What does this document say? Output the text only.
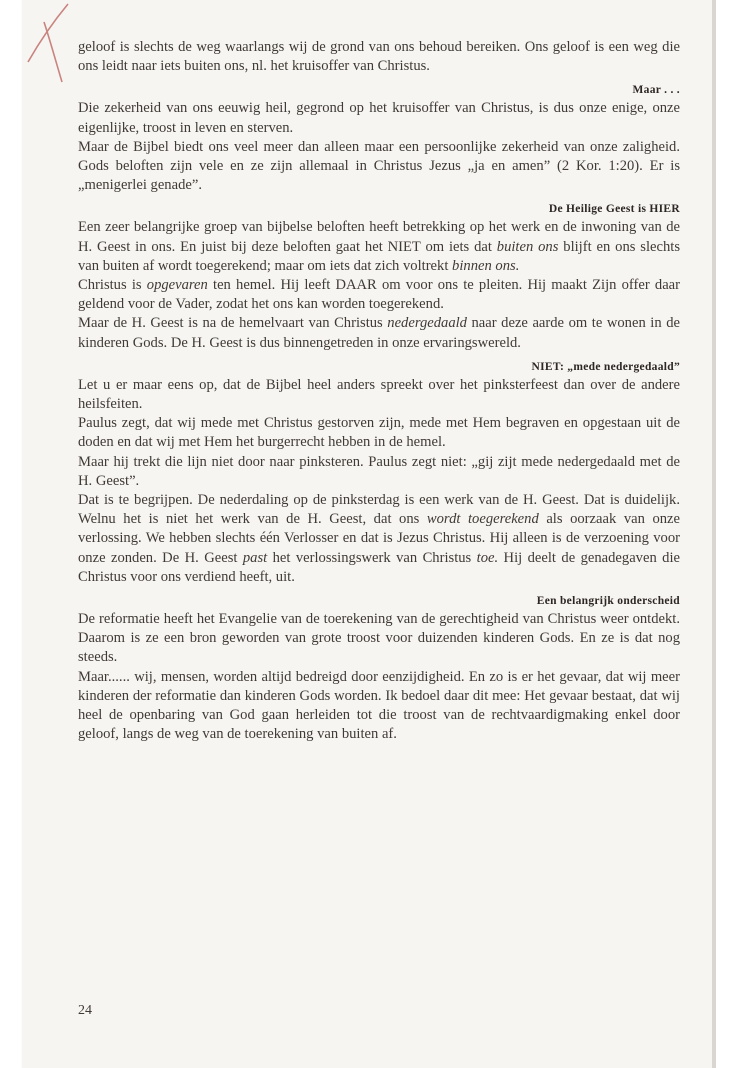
geloof is slechts de weg waarlangs wij de grond van ons behoud bereiken. Ons geloof is een weg die ons leidt naar iets buiten ons, nl. het kruisoffer van Christus.

Maar . . .

Die zekerheid van ons eeuwig heil, gegrond op het kruisoffer van Christus, is dus onze enige, onze eigenlijke, troost in leven en sterven.

Maar de Bijbel biedt ons veel meer dan alleen maar een persoonlijke zekerheid van onze zaligheid. Gods beloften zijn vele en ze zijn allemaal in Christus Jezus „ja en amen” (2 Kor. 1:20). Er is „menigerlei genade”.

De Heilige Geest is HIER

Een zeer belangrijke groep van bijbelse beloften heeft betrekking op het werk en de inwoning van de H. Geest in ons. En juist bij deze beloften gaat het NIET om iets dat buiten ons blijft en ons slechts van buiten af wordt toegerekend; maar om iets dat zich voltrekt binnen ons.

Christus is opgevaren ten hemel. Hij leeft DAAR om voor ons te pleiten. Hij maakt Zijn offer daar geldend voor de Vader, zodat het ons kan worden toegerekend.

Maar de H. Geest is na de hemelvaart van Christus nedergedaald naar deze aarde om te wonen in de kinderen Gods. De H. Geest is dus binnengetreden in onze ervaringswereld.

NIET: „mede nedergedaald”

Let u er maar eens op, dat de Bijbel heel anders spreekt over het pinksterfeest dan over de andere heilsfeiten.

Paulus zegt, dat wij mede met Christus gestorven zijn, mede met Hem begraven en opgestaan uit de doden en dat wij met Hem het burgerrecht hebben in de hemel.

Maar hij trekt die lijn niet door naar pinksteren. Paulus zegt niet: „gij zijt mede nedergedaald met de H. Geest”.

Dat is te begrijpen. De nederdaling op de pinksterdag is een werk van de H. Geest. Dat is duidelijk. Welnu het is niet het werk van de H. Geest, dat ons wordt toegerekend als oorzaak van onze verlossing. We hebben slechts één Verlosser en dat is Jezus Christus. Hij alleen is de verzoening voor onze zonden. De H. Geest past het verlossingswerk van Christus toe. Hij deelt de genadegaven die Christus voor ons verdiend heeft, uit.

Een belangrijk onderscheid

De reformatie heeft het Evangelie van de toerekening van de gerechtigheid van Christus weer ontdekt. Daarom is ze een bron geworden van grote troost voor duizenden kinderen Gods. En ze is dat nog steeds.

Maar...... wij, mensen, worden altijd bedreigd door eenzijdigheid. En zo is er het gevaar, dat wij meer kinderen der reformatie dan kinderen Gods worden. Ik bedoel daar dit mee: Het gevaar bestaat, dat wij heel de openbaring van God gaan herleiden tot die troost van de rechtvaardigmaking enkel door geloof, langs de weg van de toerekening van buiten af.

24
